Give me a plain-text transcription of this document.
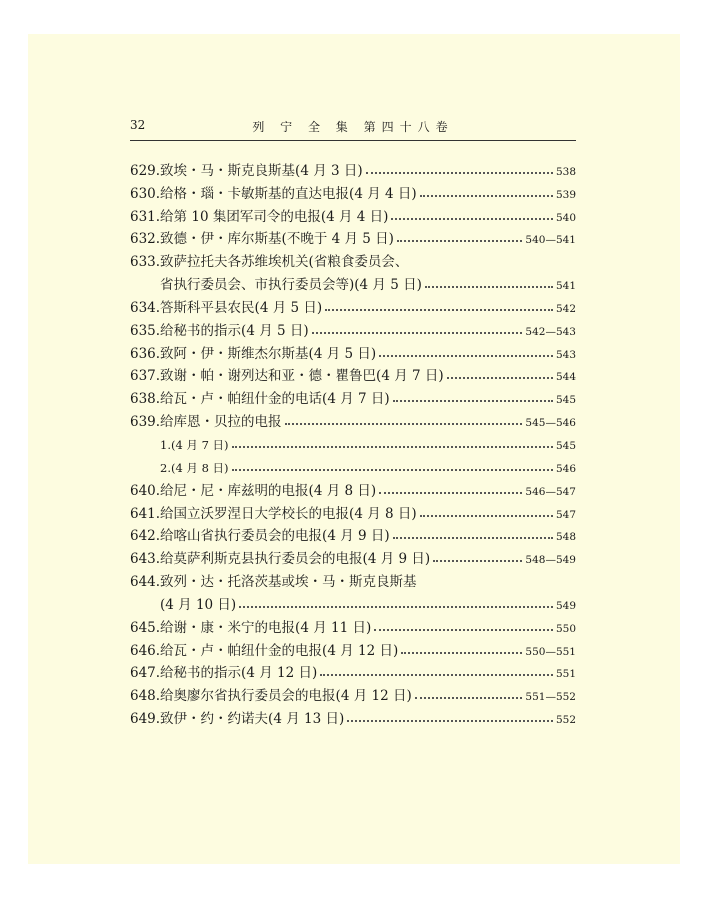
32	列 宁 全 集 第四十八卷
629.致埃・马・斯克良斯基(4 月 3 日)	538
630.给格・瑙・卡敏斯基的直达电报(4 月 4 日)	539
631.给第 10 集团军司令的电报(4 月 4 日)	540
632.致德・伊・库尔斯基(不晚于 4 月 5 日)	540—541
633.致萨拉托夫各苏维埃机关(省粮食委员会、
省执行委员会、市执行委员会等)(4 月 5 日)	541
634.答斯科平县农民(4 月 5 日)	542
635.给秘书的指示(4 月 5 日)	542—543
636.致阿・伊・斯维杰尔斯基(4 月 5 日)	543
637.致谢・帕・谢列达和亚・德・瞿鲁巴(4 月 7 日)	544
638.给瓦・卢・帕纽什金的电话(4 月 7 日)	545
639.给库恩・贝拉的电报	545—546
1.(4 月 7 日)	545
2.(4 月 8 日)	546
640.给尼・尼・库兹明的电报(4 月 8 日)	546—547
641.给国立沃罗涅日大学校长的电报(4 月 8 日)	547
642.给喀山省执行委员会的电报(4 月 9 日)	548
643.给莫萨利斯克县执行委员会的电报(4 月 9 日)	548—549
644.致列・达・托洛茨基或埃・马・斯克良斯基
(4 月 10 日)	549
645.给谢・康・米宁的电报(4 月 11 日)	550
646.给瓦・卢・帕纽什金的电报(4 月 12 日)	550—551
647.给秘书的指示(4 月 12 日)	551
648.给奥廖尔省执行委员会的电报(4 月 12 日)	551—552
649.致伊・约・约诺夫(4 月 13 日)	552
